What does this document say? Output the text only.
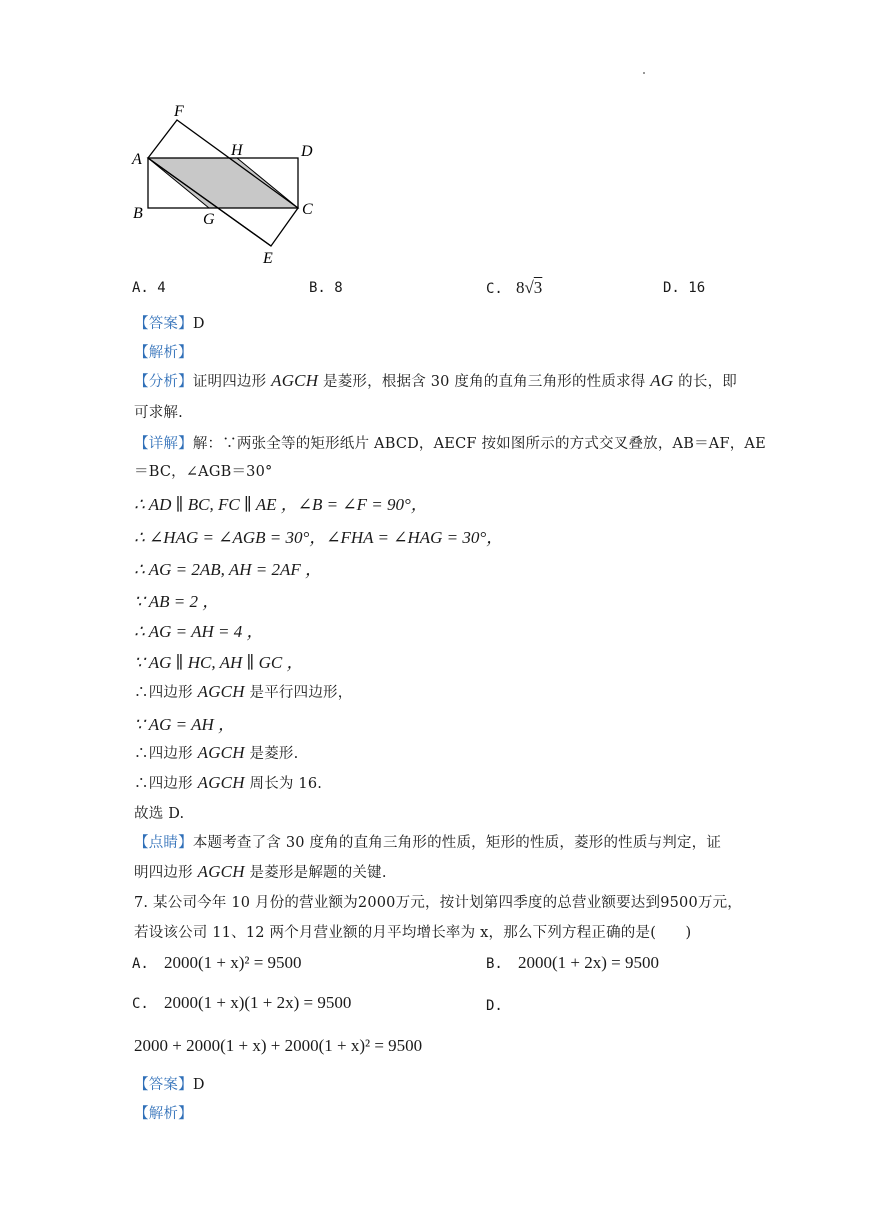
F
A
H	D
B	G
C
E
A. 4	B. 8	C. 8√3	D. 16
【答案】D
【解析】
【分析】证明四边形 AGCH 是菱形，根据含 30 度角的直角三角形的性质求得 AG 的长，即
可求解.
【详解】解：∵两张全等的矩形纸片 ABCD，AECF 按如图所示的方式交叉叠放，AB＝AF，AE
＝BC，∠AGB＝30°
∴ AD ∥ BC, FC ∥ AE ，∠B = ∠F = 90°，
∴ ∠HAG = ∠AGB = 30°，∠FHA = ∠HAG = 30°，
∴ AG = 2AB, AH = 2AF ，
∵ AB = 2 ，
∴ AG = AH = 4 ，
∵ AG ∥ HC, AH ∥ GC ，
∴四边形 AGCH 是平行四边形，
∵ AG = AH ，
∴四边形 AGCH 是菱形.
∴四边形 AGCH 周长为 16.
故选 D.
【点睛】本题考查了含 30 度角的直角三角形的性质，矩形的性质，菱形的性质与判定，证
明四边形 AGCH 是菱形是解题的关键.
7. 某公司今年 10 月份的营业额为2000万元，按计划第四季度的总营业额要达到9500万元，
若设该公司 11、12 两个月营业额的月平均增长率为 x，那么下列方程正确的是(　　)
A. 2000(1 + x)² = 9500	B. 2000(1 + 2x) = 9500
C. 2000(1 + x)(1 + 2x) = 9500	D.
2000 + 2000(1 + x) + 2000(1 + x)² = 9500
【答案】D
【解析】
